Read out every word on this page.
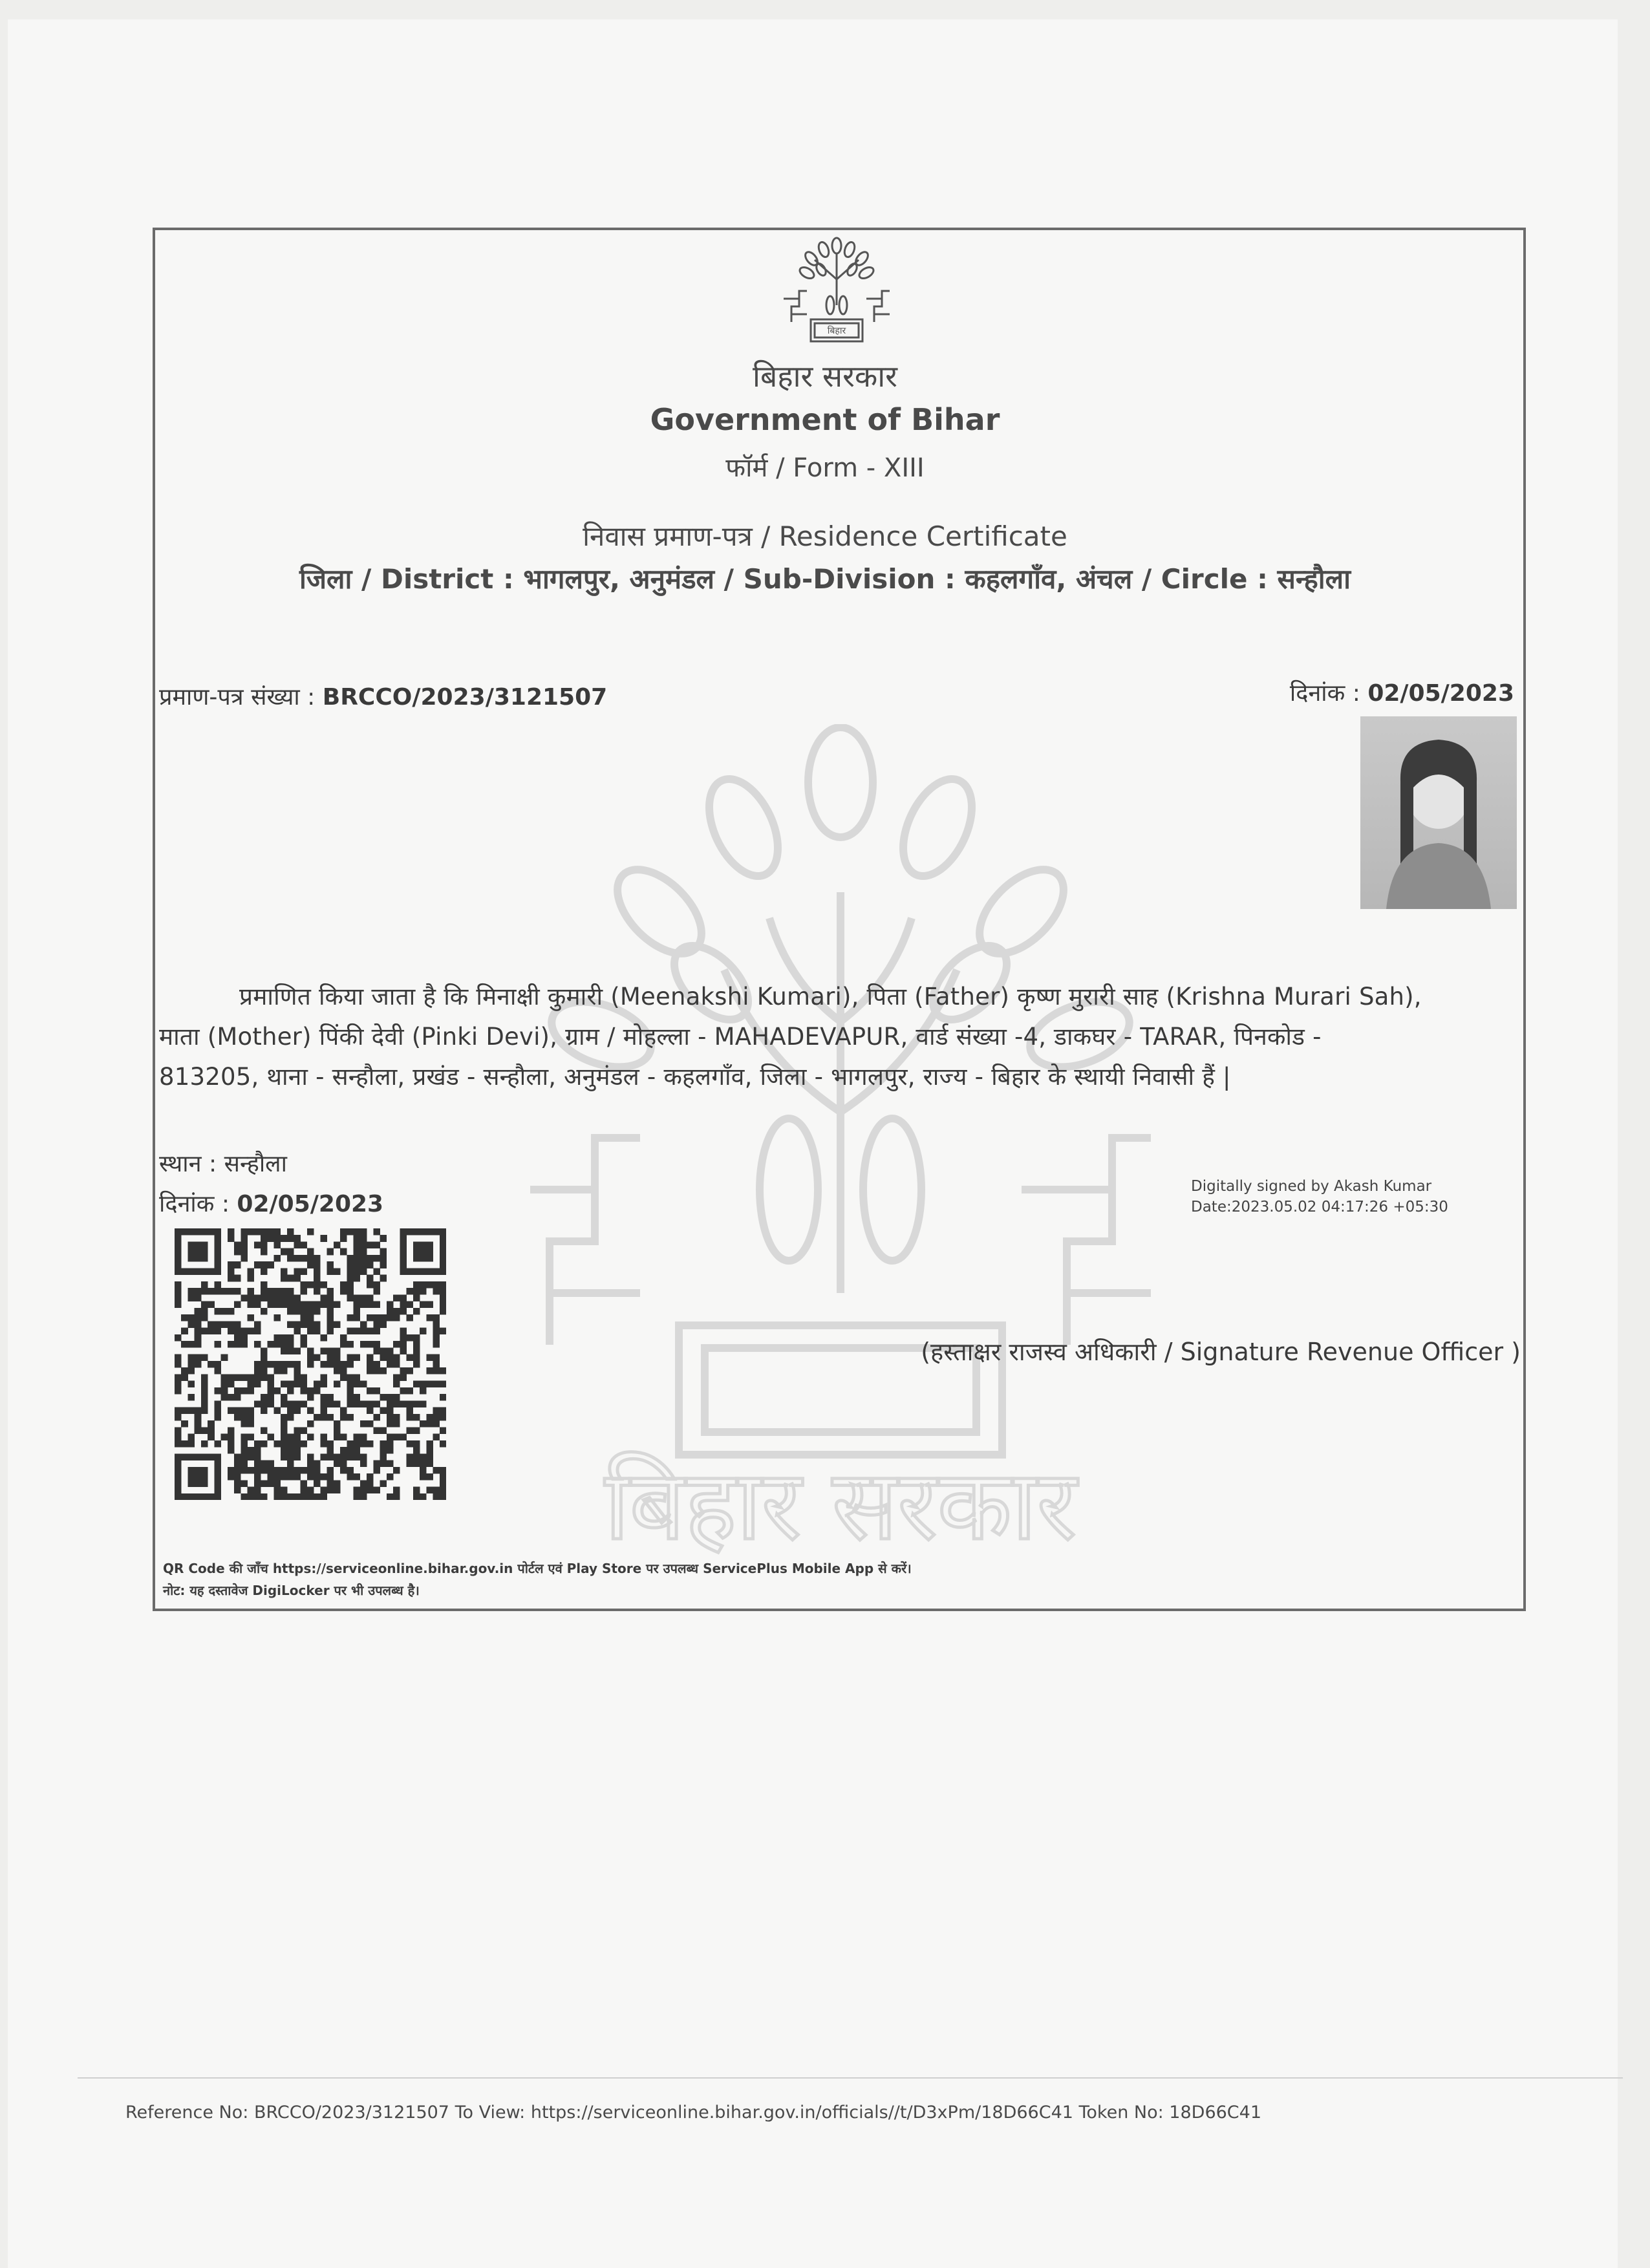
बिहार
बिहार सरकार
बिहार सरकार
Government of Bihar
फॉर्म / Form - XIII
निवास प्रमाण-पत्र / Residence Certificate
जिला / District : भागलपुर, अनुमंडल / Sub-Division : कहलगाँव, अंचल / Circle : सन्हौला
प्रमाण-पत्र संख्या : BRCCO/2023/3121507	दिनांक : 02/05/2023
प्रमाणित किया जाता है कि मिनाक्षी कुमारी (Meenakshi Kumari), पिता (Father) कृष्ण मुरारी साह (Krishna Murari Sah),
माता (Mother) पिंकी देवी (Pinki Devi), ग्राम / मोहल्ला - MAHADEVAPUR, वार्ड संख्या -4, डाकघर - TARAR, पिनकोड -
813205, थाना - सन्हौला, प्रखंड - सन्हौला, अनुमंडल - कहलगाँव, जिला - भागलपुर, राज्य - बिहार के स्थायी निवासी हैं |
स्थान : सन्हौला
दिनांक : 02/05/2023
Digitally signed by Akash Kumar
Date:2023.05.02 04:17:26 +05:30
(हस्ताक्षर राजस्व अधिकारी / Signature Revenue Officer )
QR Code की जाँच https://serviceonline.bihar.gov.in पोर्टल एवं Play Store पर उपलब्ध ServicePlus Mobile App से करें।
नोट: यह दस्तावेज DigiLocker पर भी उपलब्ध है।
Reference No: BRCCO/2023/3121507 To View: https://serviceonline.bihar.gov.in/officials//t/D3xPm/18D66C41 Token No: 18D66C41
